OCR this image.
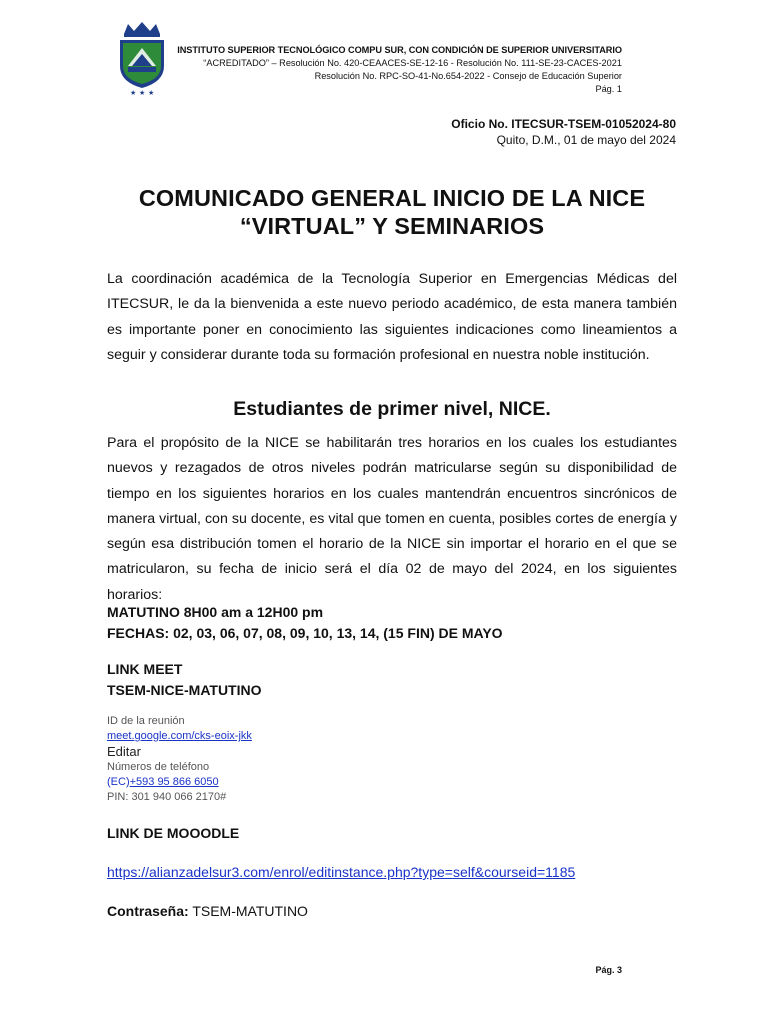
★ ★ ★
INSTITUTO SUPERIOR TECNOLÓGICO COMPU SUR, CON CONDICIÓN DE SUPERIOR UNIVERSITARIO
“ACREDITADO” – Resolución No. 420-CEAACES-SE-12-16 - Resolución No. 111-SE-23-CACES-2021
Resolución No. RPC-SO-41-No.654-2022 - Consejo de Educación Superior
Pág. 1
Oficio No. ITECSUR-TSEM-01052024-80
Quito, D.M., 01 de mayo del 2024
COMUNICADO GENERAL INICIO DE LA NICE
“VIRTUAL” Y SEMINARIOS
La coordinación académica de la Tecnología Superior en Emergencias Médicas del ITECSUR, le da la bienvenida a este nuevo periodo académico, de esta manera también es importante poner en conocimiento las siguientes indicaciones como lineamientos a seguir y considerar durante toda su formación profesional en nuestra noble institución.
Estudiantes de primer nivel, NICE.
Para el propósito de la NICE se habilitarán tres horarios en los cuales los estudiantes nuevos y rezagados de otros niveles podrán matricularse según su disponibilidad de tiempo en los siguientes horarios en los cuales mantendrán encuentros sincrónicos de manera virtual, con su docente, es vital que tomen en cuenta, posibles cortes de energía y según esa distribución tomen el horario de la NICE sin importar el horario en el que se matricularon, su fecha de inicio será el día 02 de mayo del 2024, en los siguientes horarios:
MATUTINO 8H00 am a 12H00 pm
FECHAS: 02, 03, 06, 07, 08, 09, 10, 13, 14, (15 FIN) DE MAYO
LINK MEET
TSEM-NICE-MATUTINO
ID de la reunión
meet.google.com/cks-eoix-jkk
Editar
Números de teléfono
(EC)+593 95 866 6050
PIN: 301 940 066 2170#
LINK DE MOOODLE
https://alianzadelsur3.com/enrol/editinstance.php?type=self&courseid=1185
Contraseña: TSEM-MATUTINO
Pág. 3
